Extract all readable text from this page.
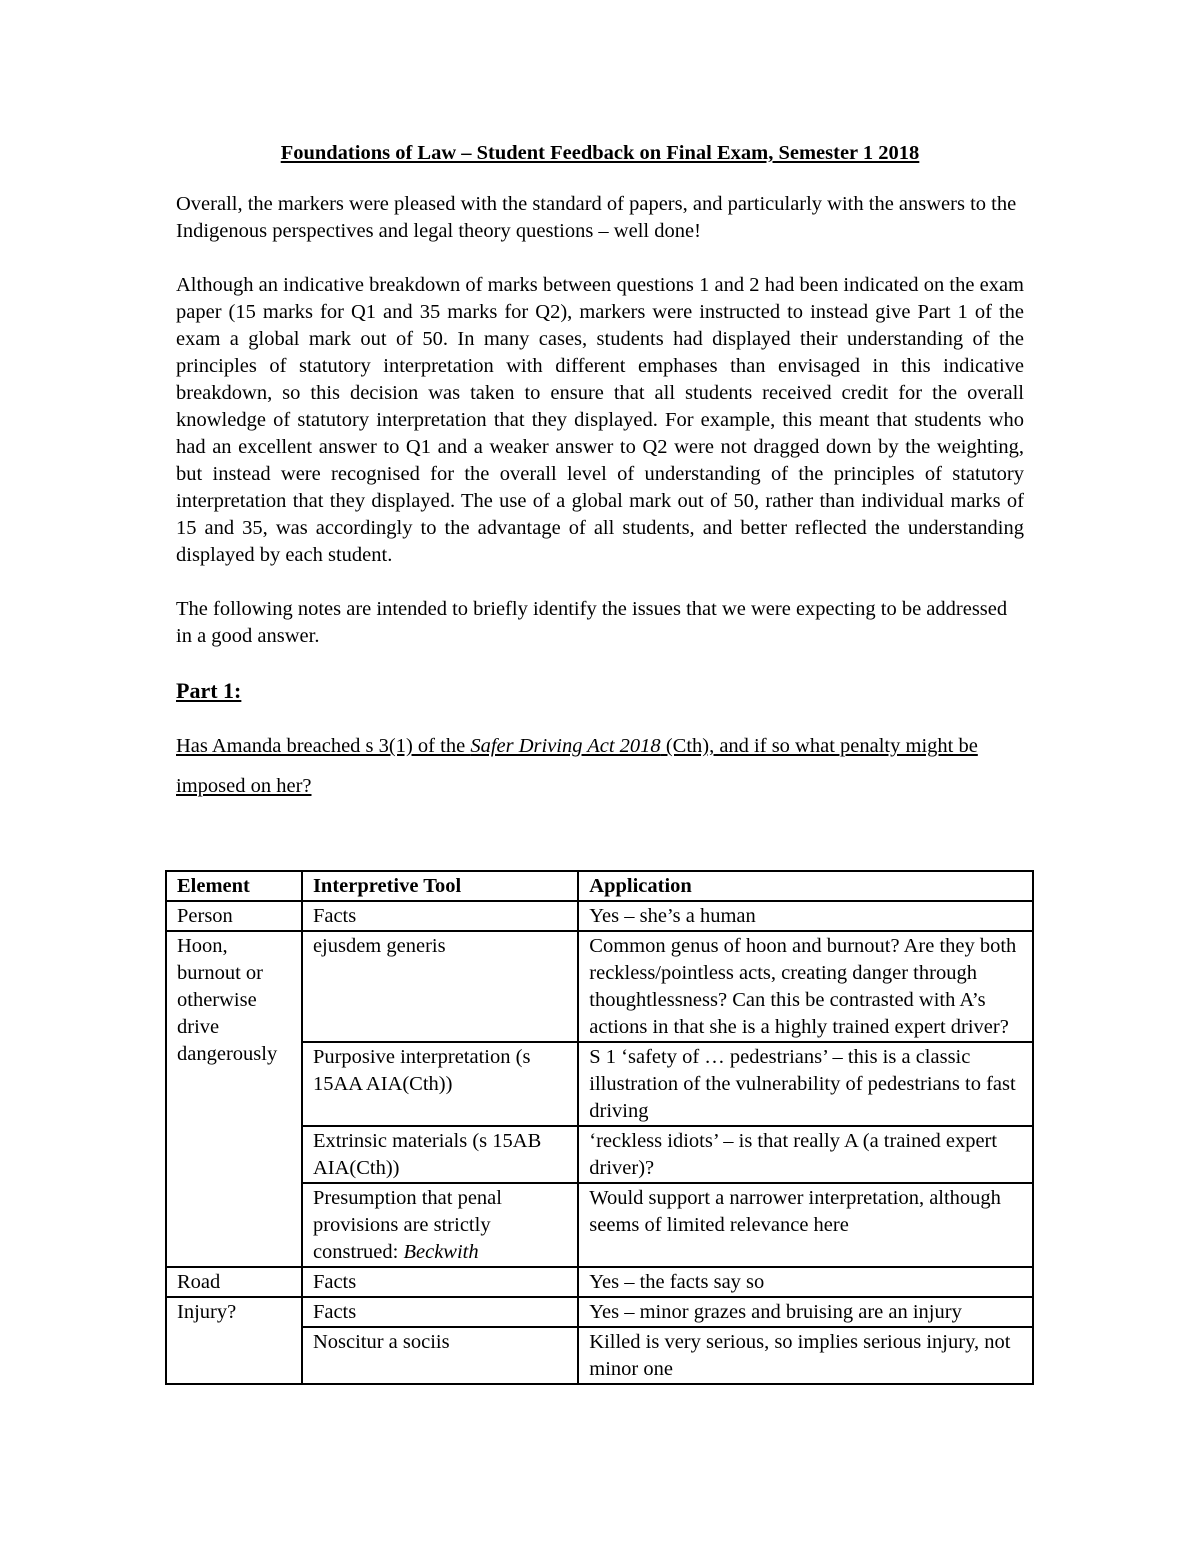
Foundations of Law – Student Feedback on Final Exam, Semester 1 2018

Overall, the markers were pleased with the standard of papers, and particularly with the answers to the Indigenous perspectives and legal theory questions – well done!

Although an indicative breakdown of marks between questions 1 and 2 had been indicated on the exam paper (15 marks for Q1 and 35 marks for Q2), markers were instructed to instead give Part 1 of the exam a global mark out of 50. In many cases, students had displayed their understanding of the principles of statutory interpretation with different emphases than envisaged in this indicative breakdown, so this decision was taken to ensure that all students received credit for the overall knowledge of statutory interpretation that they displayed. For example, this meant that students who had an excellent answer to Q1 and a weaker answer to Q2 were not dragged down by the weighting, but instead were recognised for the overall level of understanding of the principles of statutory interpretation that they displayed. The use of a global mark out of 50, rather than individual marks of 15 and 35, was accordingly to the advantage of all students, and better reflected the understanding displayed by each student.

The following notes are intended to briefly identify the issues that we were expecting to be addressed in a good answer.

Part 1:
Has Amanda breached s 3(1) of the Safer Driving Act 2018 (Cth), and if so what penalty might be imposed on her?
Element	Interpretive Tool	Application
Person	Facts	Yes – she’s a human
Hoon, burnout or otherwise drive dangerously	ejusdem generis	Common genus of hoon and burnout? Are they both reckless/pointless acts, creating danger through thoughtlessness? Can this be contrasted with A’s actions in that she is a highly trained expert driver?
	Purposive interpretation (s 15AA AIA(Cth))	S 1 ‘safety of … pedestrians’ – this is a classic illustration of the vulnerability of pedestrians to fast driving
	Extrinsic materials (s 15AB AIA(Cth))	‘reckless idiots’ – is that really A (a trained expert driver)?
	Presumption that penal provisions are strictly construed: Beckwith	Would support a narrower interpretation, although seems of limited relevance here
Road	Facts	Yes – the facts say so
Injury?	Facts	Yes – minor grazes and bruising are an injury
	Noscitur a sociis	Killed is very serious, so implies serious injury, not minor one
